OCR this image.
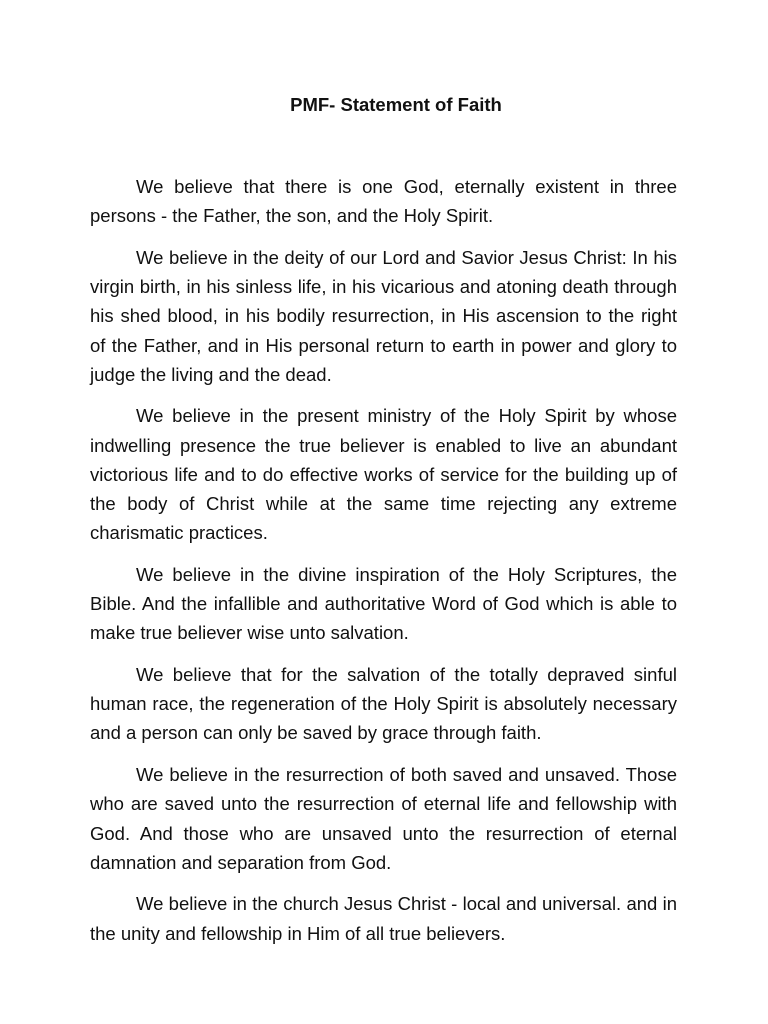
PMF- Statement of Faith

We believe that there is one God, eternally existent in three persons - the Father, the son, and the Holy Spirit.

We believe in the deity of our Lord and Savior Jesus Christ: In his virgin birth, in his sinless life, in his vicarious and atoning death through his shed blood, in his bodily resurrection, in His ascension to the right of the Father, and in His personal return to earth in power and glory to judge the living and the dead.

We believe in the present ministry of the Holy Spirit by whose indwelling presence the true believer is enabled to live an abundant victorious life and to do effective works of service for the building up of the body of Christ while at the same time rejecting any extreme charismatic practices.

We believe in the divine inspiration of the Holy Scriptures, the Bible. And the infallible and authoritative Word of God which is able to make true believer wise unto salvation.

We believe that for the salvation of the totally depraved sinful human race, the regeneration of the Holy Spirit is absolutely necessary and a person can only be saved by grace through faith.

We believe in the resurrection of both saved and unsaved. Those who are saved unto the resurrection of eternal life and fellowship with God. And those who are unsaved unto the resurrection of eternal damnation and separation from God.

We believe in the church Jesus Christ - local and universal. and in the unity and fellowship in Him of all true believers.
